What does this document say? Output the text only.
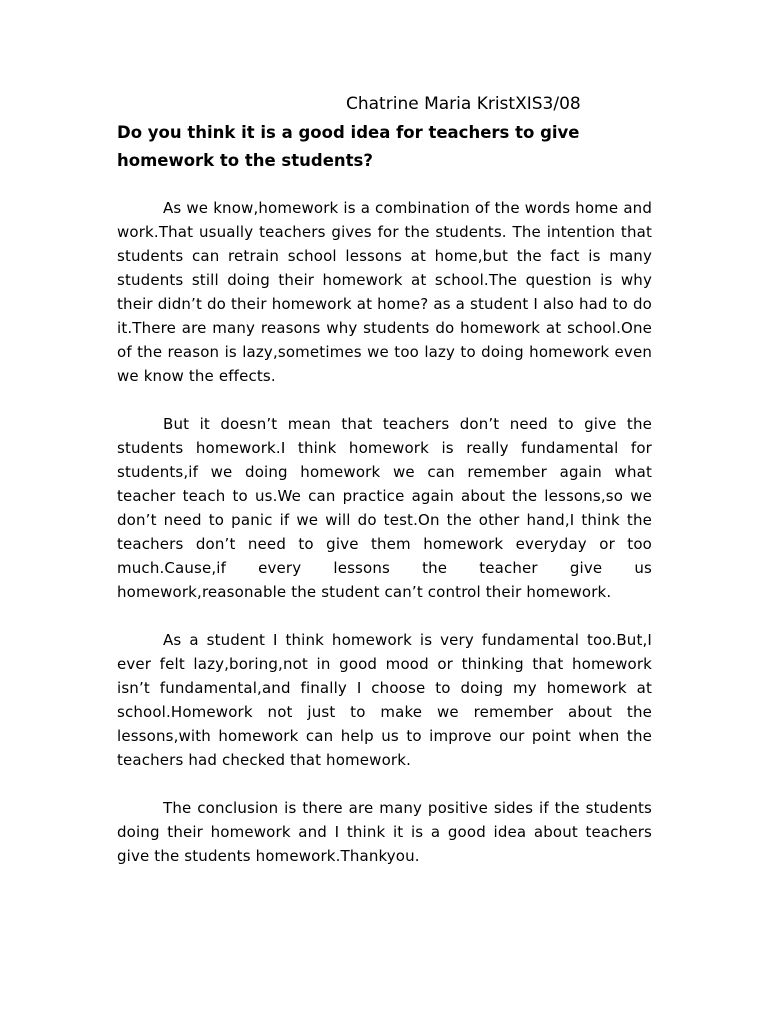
Chatrine Maria KristXIS3/08
Do you think it is a good idea for teachers to give homework to the students?

As we know,homework is a combination of the words home and work.That usually teachers gives for the students. The intention that students can retrain school lessons at home,but the fact is many students still doing their homework at school.The question is why their didn’t do their homework at home? as a student I also had to do it.There are many reasons why students do homework at school.One of the reason is lazy,sometimes we too lazy to doing homework even we know the effects.

But it doesn’t mean that teachers don’t need to give the students homework.I think homework is really fundamental for students,if we doing homework we can remember again what teacher teach to us.We can practice again about the lessons,so we don’t need to panic if we will do test.On the other hand,I think the teachers don’t need to give them homework everyday or too much.Cause,if every lessons the teacher give us homework,reasonable the student can’t control their homework.

As a student I think homework is very fundamental too.But,I ever felt lazy,boring,not in good mood or thinking that homework isn’t fundamental,and finally I choose to doing my homework at school.Homework not just to make we remember about the lessons,with homework can help us to improve our point when the teachers had checked that homework.

The conclusion is there are many positive sides if the students doing their homework and I think it is a good idea about teachers give the students homework.Thankyou.
